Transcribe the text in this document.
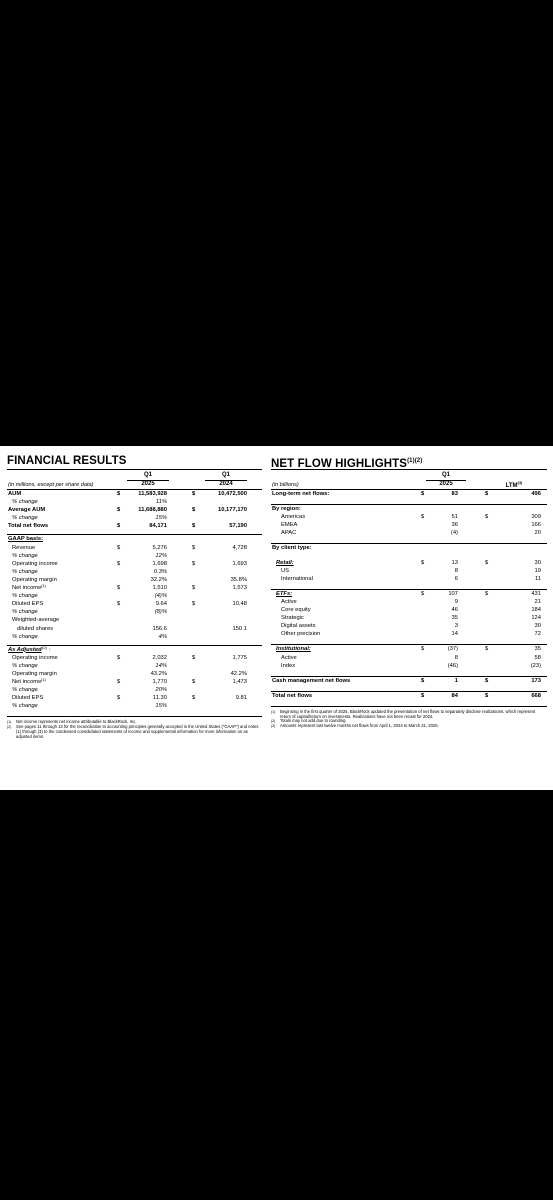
FINANCIAL RESULTS
Q1
2025
Q1
2024
(in millions, except per share data)
AUM	$	11,583,928	$	10,472,500
% change	11%
Average AUM	$	11,688,880	$	10,177,170
% change	15%
Total net flows	$	84,171	$	57,190
GAAP basis:
Revenue	$	5,276	$	4,728
% change	12%
Operating income	$	1,698	$	1,693
% change	0.3%
Operating margin	32.2%	35.8%
Net income (1)	$	1,510	$	1,573
% change	(4)%
Diluted EPS	$	9.64	$	10.48
% change	(8)%
Weighted-average
diluted shares	156.6	150.1
% change	4%
As Adjusted (2) :
Operating income	$	2,032	$	1,775
% change	14%
Operating margin	43.2%	42.2%
Net income (1)	$	1,770	$	1,473
% change	20%
Diluted EPS	$	11.30	$	9.81
% change	15%
(1) Net income represents net income attributable to BlackRock, Inc.
(2) See pages 11 through 13 for the reconciliation to accounting principles generally accepted in the United States ("GAAP") and notes (1) through (3) to the condensed consolidated statements of income and supplemental information for more information on as adjusted items.
NET FLOW $HIGHLIGHTS^{(1)(2)}$
Q1
2025	LTM$^{(3)}$
(in billions)
Long-term net flows:	$	83	$	496
By region:
Americas	$	51	$	309
EMEA	36	166
APAC	(4)	20
By client type:
Retail:	$	13	$	30
US	8	19
International	6	11
ETFs:	$	107	$	431
Active	9	21
Core equity	46	184
Strategic	35	124
Digital assets	3	30
Other precision	14	72
Institutional:	$	(37)	$	35
Active	8	58
Index	(46)	(23)
Cash management net flows	$	1	$	173
Total net flows	$	84	$	668
(1) Beginning in the first quarter of 2025, BlackRock updated the presentation of net flows to separately disclose realizations, which represent return of capital/return on investments. Realizations have not been recast for 2024.
(2) Totals may not add due to rounding.
(3) Amounts represent last twelve months net flows from April 1, 2024 to March 31, 2025.
